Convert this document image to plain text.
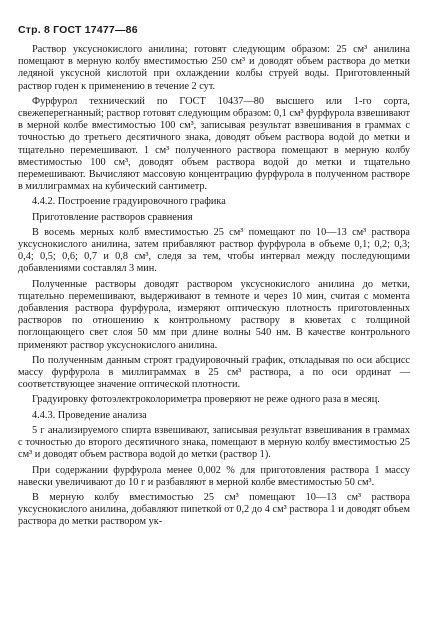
Стр. 8 ГОСТ 17477—86

Раствор уксуснокислого анилина; готовят следующим образом: 25 см³ анилина помещают в мерную колбу вместимостью 250 см³ и доводят объем раствора до метки ледяной уксусной кислотой при охлаждении колбы струей воды. Приготовленный раствор годен к применению в течение 2 сут.

Фурфурол технический по ГОСТ 10437—80 высшего или 1-го сорта, свежеперегнанный; раствор готовят следующим образом: 0,1 см³ фурфурола взвешивают в мерной колбе вместимостью 100 см³, записывая результат взвешивания в граммах с точностью до третьего десятичного знака, доводят объем раствора водой до метки и тщательно перемешивают. 1 см³ полученного раствора помещают в мерную колбу вместимостью 100 см³, доводят объем раствора водой до метки и тщательно перемешивают. Вычисляют массовую концентрацию фурфурола в полученном растворе в миллиграммах на кубический сантиметр.

4.4.2. Построение градуировочного графика

Приготовление растворов сравнения

В восемь мерных колб вместимостью 25 см³ помещают по 10—13 см³ раствора уксуснокислого анилина, затем прибавляют раствор фурфурола в объеме 0,1; 0,2; 0,3; 0,4; 0,5; 0,6; 0,7 и 0,8 см³, следя за тем, чтобы интервал между последующими добавлениями составлял 3 мин.

Полученные растворы доводят раствором уксуснокислого анилина до метки, тщательно перемешивают, выдерживают в темноте и через 10 мин, считая с момента добавления раствора фурфурола, измеряют оптическую плотность приготовленных растворов по отношению к контрольному раствору в кюветах с толщиной поглощающего свет слоя 50 мм при длине волны 540 нм. В качестве контрольного применяют раствор уксуснокислого анилина.

По полученным данным строят градуировочный график, откладывая по оси абсцисс массу фурфурола в миллиграммах в 25 см³ раствора, а по оси ординат — соответствующее значение оптической плотности.

Градуировку фотоэлектроколориметра проверяют не реже одного раза в месяц.

4.4.3. Проведение анализа

5 г анализируемого спирта взвешивают, записывая результат взвешивания в граммах с точностью до второго десятичного знака, помещают в мерную колбу вместимостью 25 см³ и доводят объем раствора водой до метки (раствор 1).

При содержании фурфурола менее 0,002 % для приготовления раствора 1 массу навески увеличивают до 10 г и разбавляют в мерной колбе вместимостью 50 см³.

В мерную колбу вместимостью 25 см³ помещают 10—13 см³ раствора уксуснокислого анилина, добавляют пипеткой от 0,2 до 4 см³ раствора 1 и доводят объем раствора до метки раствором ук-
